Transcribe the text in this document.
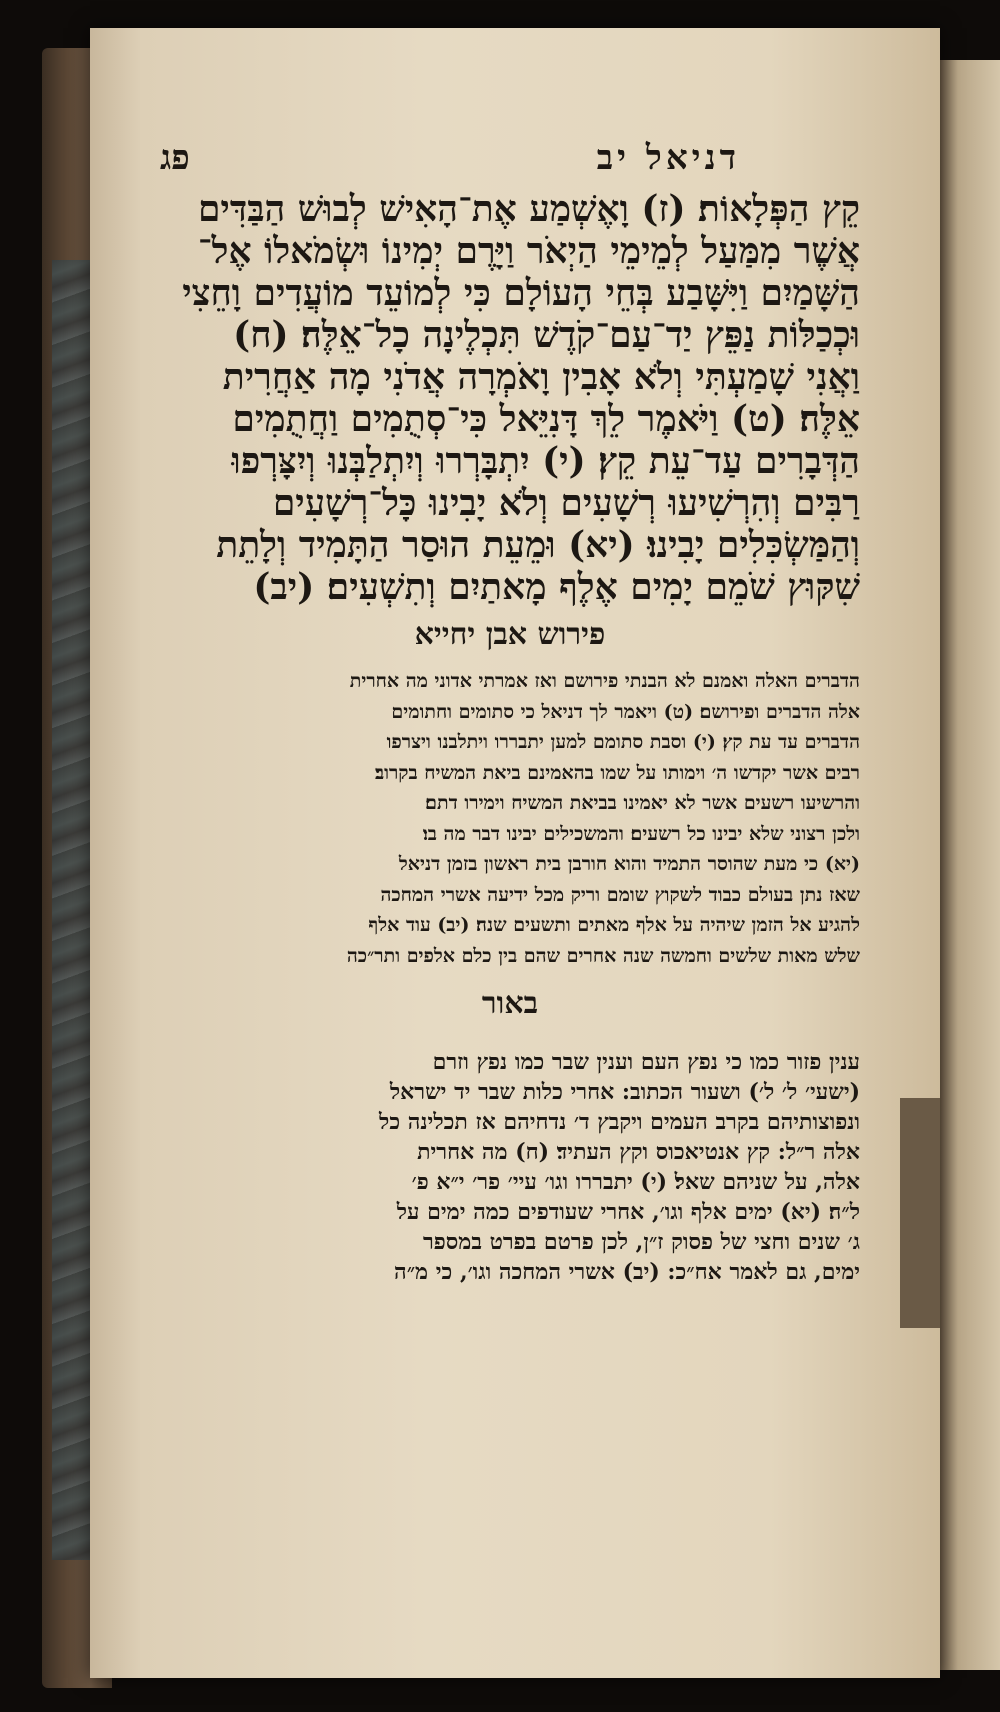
דניאל יב
פג
קֵץ הַפְּלָאוֹת׃ (ז) וָאֶשְׁמַע אֶת־הָאִישׁ לְבוּשׁ הַבַּדִּים
אֲשֶׁר מִמַּעַל לְמֵימֵי הַיְאֹר וַיָּרֶם יְמִינוֹ וּשְׂמֹאלוֹ אֶל־
הַשָּׁמַיִם וַיִּשָּׁבַע בְּחֵי הָעוֹלָם כִּי לְמוֹעֵד מוֹעֲדִים וָחֵצִי
וּכְכַלּוֹת נַפֵּץ יַד־עַם־קֹדֶשׁ תִּכְלֶינָה כָל־אֵלֶּה׃ (ח)
וַאֲנִי שָׁמַעְתִּי וְלֹא אָבִין וָאֹמְרָה אֲדֹנִי מָה אַחֲרִית
אֵלֶּה׃ (ט) וַיֹּאמֶר לֵךְ דָּנִיֵּאל כִּי־סְתֻמִים וַחֲתֻמִים
הַדְּבָרִים עַד־עֵת קֵץ׃ (י) יִתְבָּרְרוּ וְיִתְלַבְּנוּ וְיִצָּרְפוּ
רַבִּים וְהִרְשִׁיעוּ רְשָׁעִים וְלֹא יָבִינוּ כָּל־רְשָׁעִים
וְהַמַּשְׂכִּלִים יָבִינוּ׃ (יא) וּמֵעֵת הוּסַר הַתָּמִיד וְלָתֵת
שִׁקּוּץ שֹׁמֵם יָמִים אֶלֶף מָאתַיִם וְתִשְׁעִים׃ (יב)
פירוש אבן יחייא
הדברים האלה ואמנם לא הבנתי פירושם ואז אמרתי אדוני מה אחרית
אלה הדברים ופירושם׃ (ט) ויאמר לך דניאל כי סתומים וחתומים
הדברים עד עת קץ׃ (י) וסבת סתומם למען יתבררו ויתלבנו ויצרפו
רבים אשר יקדשו ה׳ וימותו על שמו בהאמינם ביאת המשיח בקרוב׃
והרשיעו רשעים אשר לא יאמינו בביאת המשיח וימירו דתם׃
ולכן רצוני שלא יבינו כל רשעים׃ והמשכילים יבינו דבר מה בו׃
(יא) כי מעת שהוסר התמיד והוא חורבן בית ראשון בזמן דניאל
שאז נתן בעולם כבוד לשקוץ שומם וריק מכל ידיעה אשרי המחכה
להגיע אל הזמן שיהיה על אלף מאתים ותשעים שנה׃ (יב) עוד אלף
שלש מאות שלשים וחמשה שנה אחרים שהם בין כלם אלפים ותר״כה
באור
ענין פזור כמו כי נפץ העם וענין שבר כמו נפץ וזרם
(ישעי׳ ל׳ ל׳) ושעור הכתוב: אחרי כלות שבר יד ישראל
ונפוצותיהם בקרב העמים ויקבץ ד׳ נדחיהם אז תכלינה כל
אלה ר״ל: קץ אנטיאכוס וקץ העתיד׃ (ח) מה אחרית
אלה, על שניהם שאל׃ (י) יתבררו וגו׳ עיי׳ פר׳ י״א פ׳
ל״ה׃ (יא) ימים אלף וגו׳, אחרי שעודפים כמה ימים על
ג׳ שנים וחצי של פסוק ז״ן, לכן פרטם בפרט במספר
ימים, גם לאמר אח״כ: (יב) אשרי המחכה וגו׳, כי מ״ה
